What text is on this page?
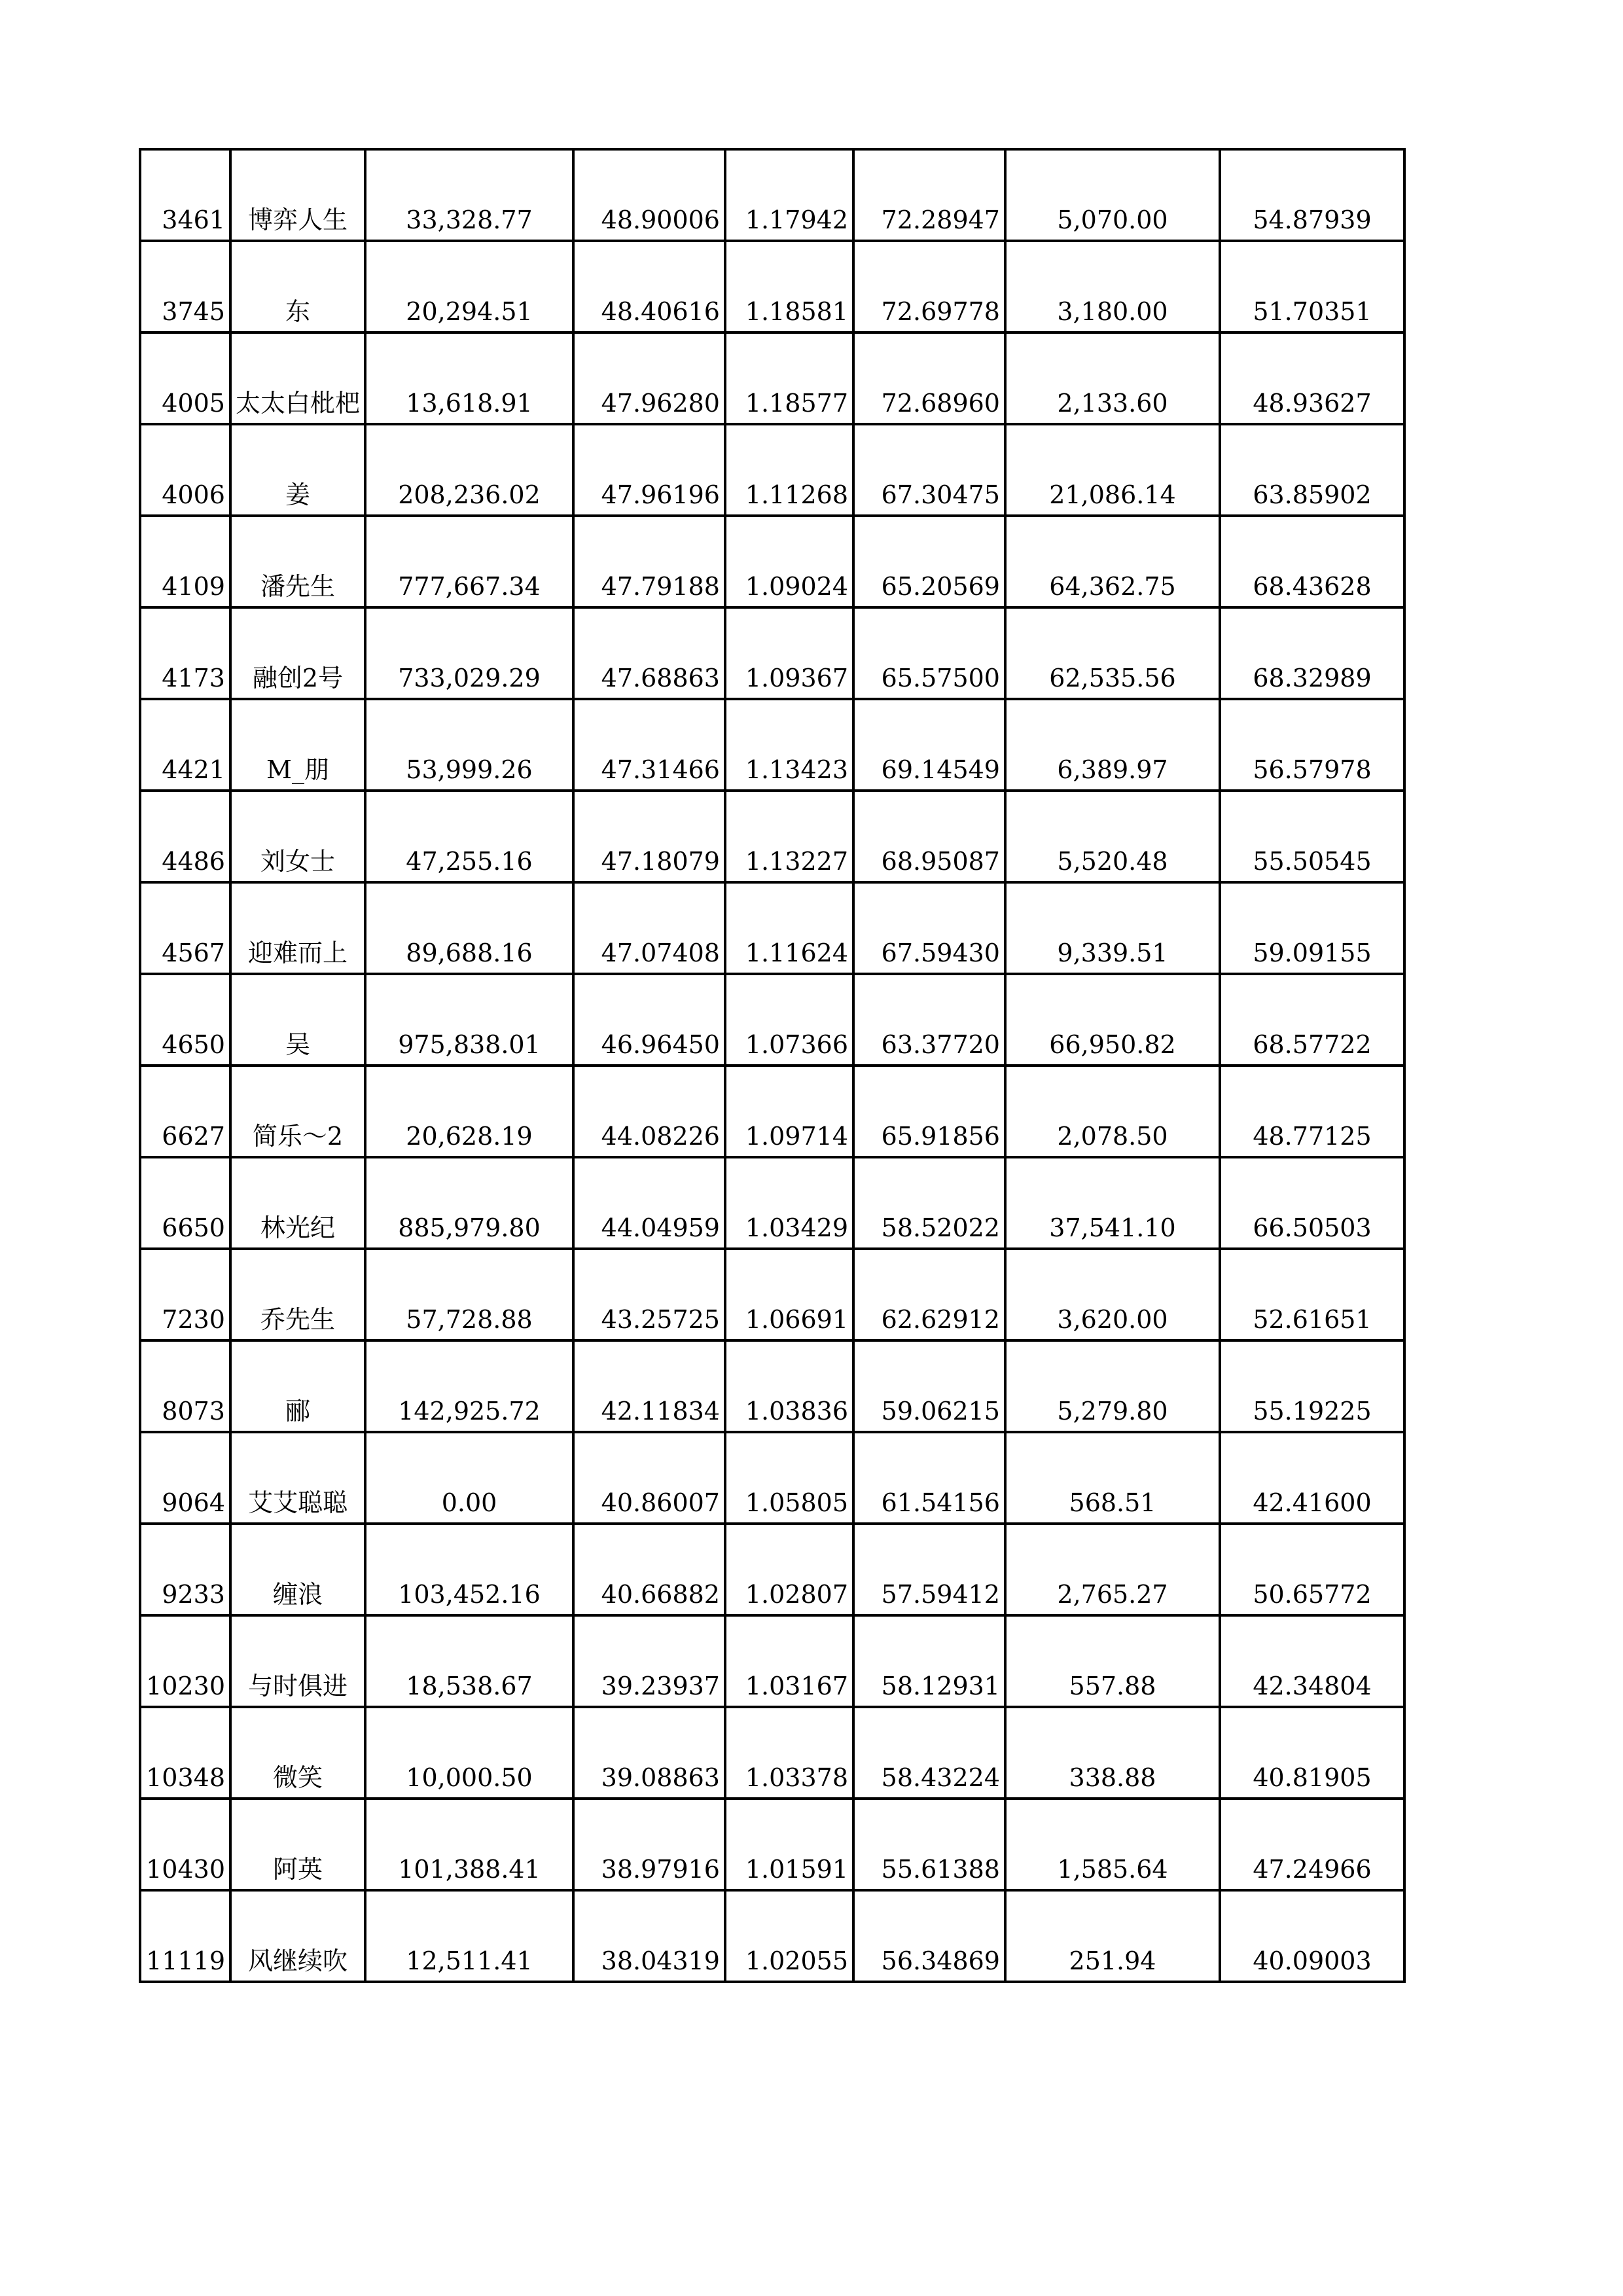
3461	博弈人生	33,328.77	48.90006	1.17942	72.28947	5,070.00	54.87939
3745	东	20,294.51	48.40616	1.18581	72.69778	3,180.00	51.70351
4005	太太白枇杷	13,618.91	47.96280	1.18577	72.68960	2,133.60	48.93627
4006	姜	208,236.02	47.96196	1.11268	67.30475	21,086.14	63.85902
4109	潘先生	777,667.34	47.79188	1.09024	65.20569	64,362.75	68.43628
4173	融创2号	733,029.29	47.68863	1.09367	65.57500	62,535.56	68.32989
4421	M_朋	53,999.26	47.31466	1.13423	69.14549	6,389.97	56.57978
4486	刘女士	47,255.16	47.18079	1.13227	68.95087	5,520.48	55.50545
4567	迎难而上	89,688.16	47.07408	1.11624	67.59430	9,339.51	59.09155
4650	吴	975,838.01	46.96450	1.07366	63.37720	66,950.82	68.57722
6627	简乐～2	20,628.19	44.08226	1.09714	65.91856	2,078.50	48.77125
6650	林光纪	885,979.80	44.04959	1.03429	58.52022	37,541.10	66.50503
7230	乔先生	57,728.88	43.25725	1.06691	62.62912	3,620.00	52.61651
8073	郦	142,925.72	42.11834	1.03836	59.06215	5,279.80	55.19225
9064	艾艾聪聪	0.00	40.86007	1.05805	61.54156	568.51	42.41600
9233	缠浪	103,452.16	40.66882	1.02807	57.59412	2,765.27	50.65772
10230	与时俱进	18,538.67	39.23937	1.03167	58.12931	557.88	42.34804
10348	微笑	10,000.50	39.08863	1.03378	58.43224	338.88	40.81905
10430	阿英	101,388.41	38.97916	1.01591	55.61388	1,585.64	47.24966
11119	风继续吹	12,511.41	38.04319	1.02055	56.34869	251.94	40.09003
